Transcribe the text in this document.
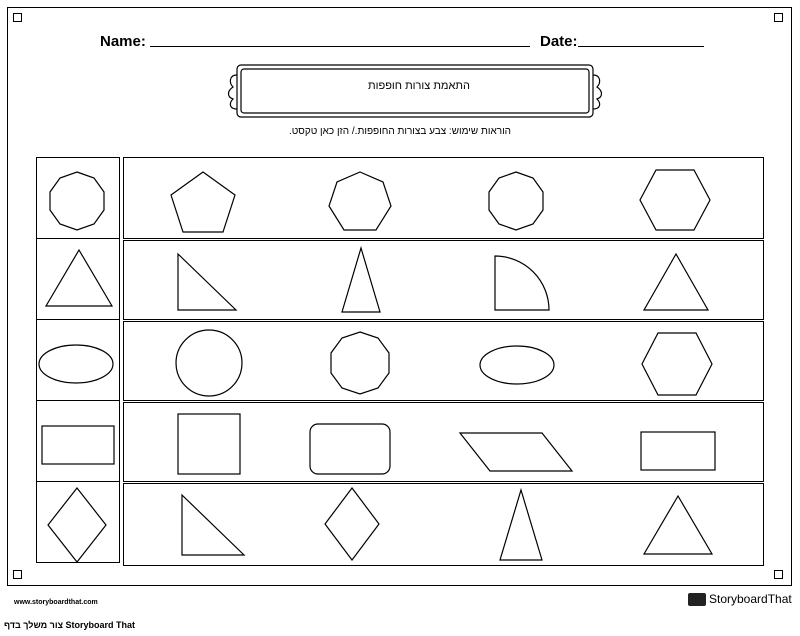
Name:	Date:
התאמת צורות חופפות
.הוראות שימוש: צבע בצורות החופפות./ הזן כאן טקסט
www.storyboardthat.com	StoryboardThat
צור משלך בדף Storyboard That
